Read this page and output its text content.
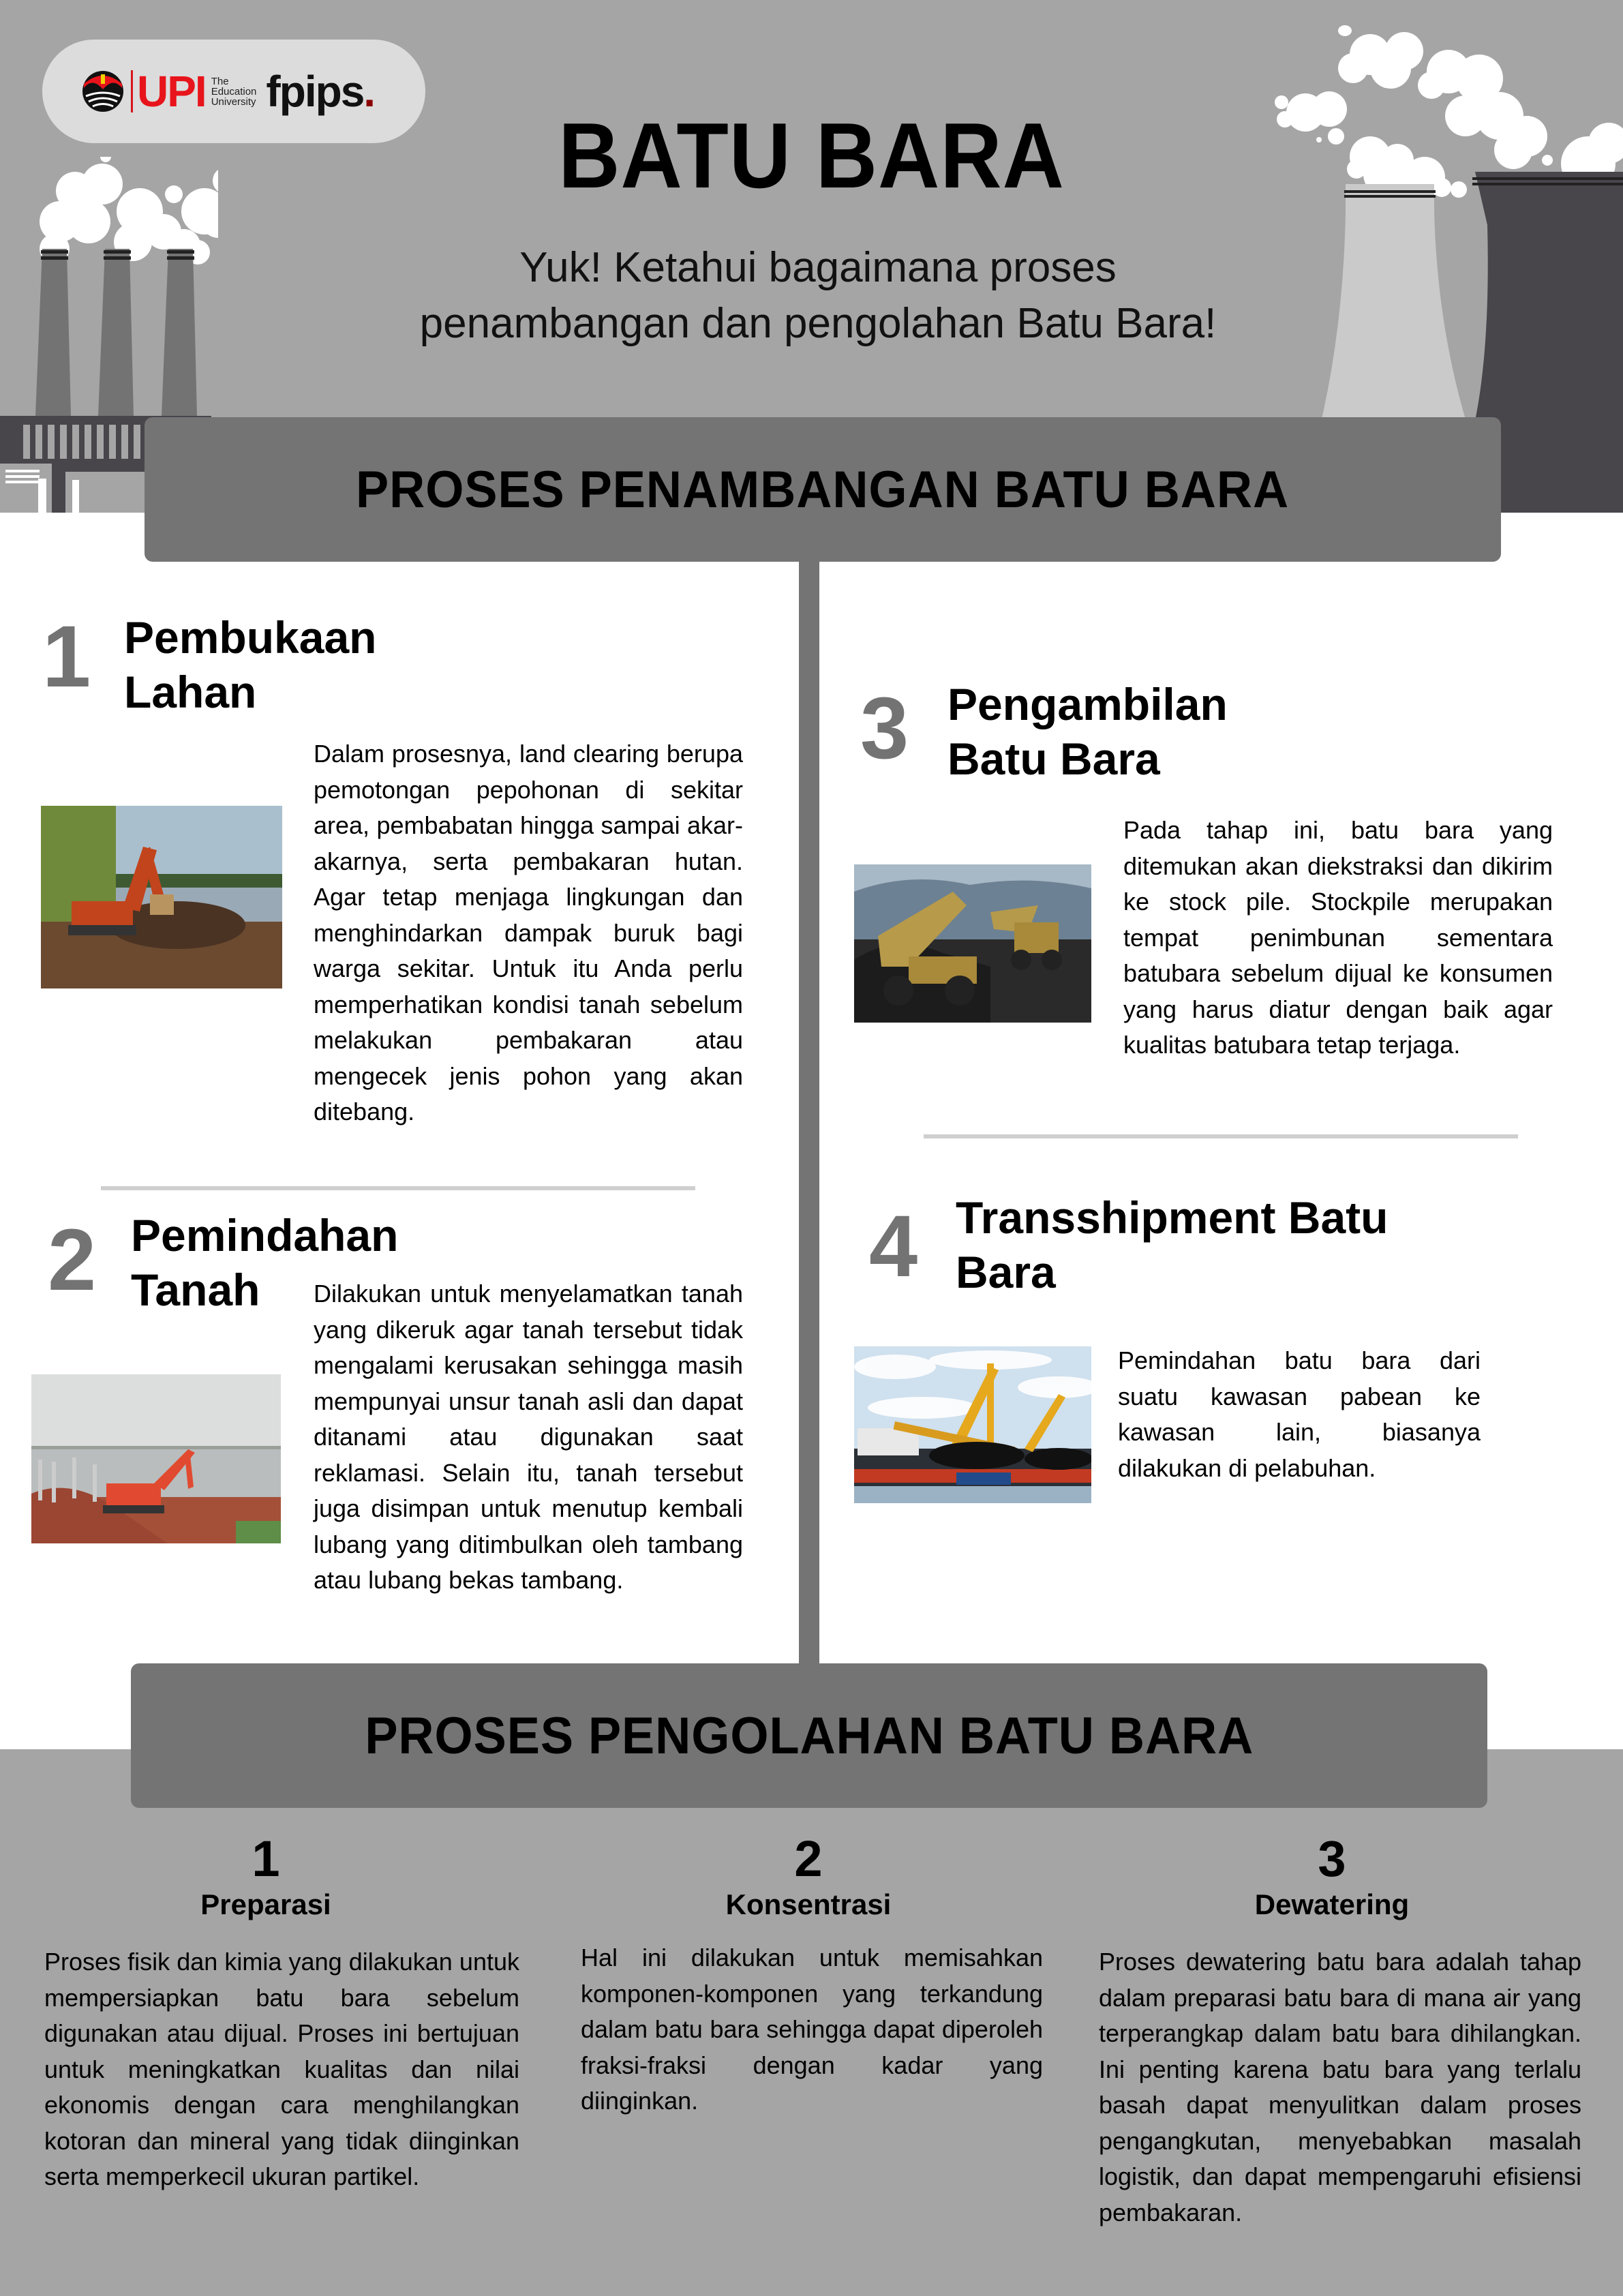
UPI The
Education
University fpips.
BATU BARA
Yuk! Ketahui bagaimana proses
penambangan dan pengolahan Batu Bara!
PROSES PENAMBANGAN BATU BARA
1 Pembukaan
Lahan
Dalam prosesnya, land clearing berupa pemotongan pepohonan di sekitar area, pembabatan hingga sampai akar-akarnya, serta pembakaran hutan. Agar tetap menjaga lingkungan dan menghindarkan dampak buruk bagi warga sekitar. Untuk itu Anda perlu memperhatikan kondisi tanah sebelum melakukan pembakaran atau mengecek jenis pohon yang akan ditebang.
2 Pemindahan
Tanah	Dilakukan untuk menyelamatkan tanah yang dikeruk agar tanah tersebut tidak mengalami kerusakan sehingga masih mempunyai unsur tanah asli dan dapat ditanami atau digunakan saat reklamasi. Selain itu, tanah tersebut juga disimpan untuk menutup kembali lubang yang ditimbulkan oleh tambang atau lubang bekas tambang.
3 Pengambilan
Batu Bara
Pada tahap ini, batu bara yang ditemukan akan diekstraksi dan dikirim ke stock pile. Stockpile merupakan tempat penimbunan sementara batubara sebelum dijual ke konsumen yang harus diatur dengan baik agar kualitas batubara tetap terjaga.
4 Transshipment Batu
Bara
Pemindahan batu bara dari suatu kawasan pabean ke kawasan lain, biasanya dilakukan di pelabuhan.
PROSES PENGOLAHAN BATU BARA
1
Preparasi
Proses fisik dan kimia yang dilakukan untuk mempersiapkan batu bara sebelum digunakan atau dijual. Proses ini bertujuan untuk meningkatkan kualitas dan nilai ekonomis dengan cara menghilangkan kotoran dan mineral yang tidak diinginkan serta memperkecil ukuran partikel.
2
Konsentrasi
Hal ini dilakukan untuk memisahkan komponen-komponen yang terkandung dalam batu bara sehingga dapat diperoleh fraksi-fraksi dengan kadar yang diinginkan.
3
Dewatering
Proses dewatering batu bara adalah tahap dalam preparasi batu bara di mana air yang terperangkap dalam batu bara dihilangkan. Ini penting karena batu bara yang terlalu basah dapat menyulitkan dalam proses pengangkutan, menyebabkan masalah logistik, dan dapat mempengaruhi efisiensi pembakaran.
